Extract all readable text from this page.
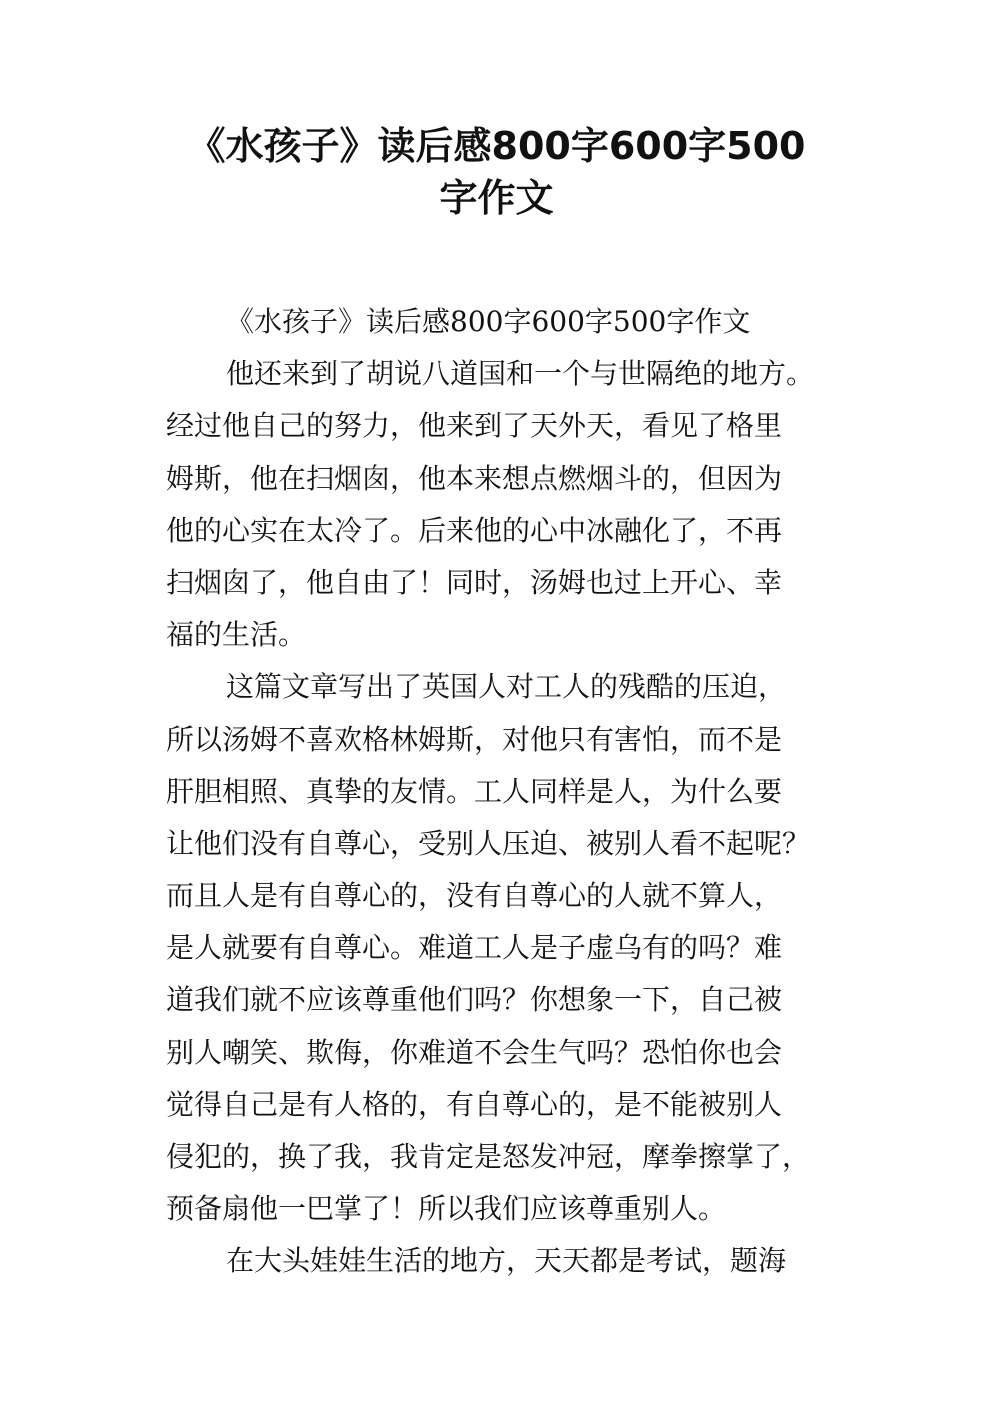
《水孩子》读后感800字600字500
字作文
《水孩子》读后感800字600字500字作文
他还来到了胡说八道国和一个与世隔绝的地方。
经过他自己的努力，他来到了天外天，看见了格里
姆斯，他在扫烟囱，他本来想点燃烟斗的，但因为
他的心实在太冷了。后来他的心中冰融化了，不再
扫烟囱了，他自由了！同时，汤姆也过上开心、幸
福的生活。
这篇文章写出了英国人对工人的残酷的压迫，
所以汤姆不喜欢格林姆斯，对他只有害怕，而不是
肝胆相照、真挚的友情。工人同样是人，为什么要
让他们没有自尊心，受别人压迫、被别人看不起呢？
而且人是有自尊心的，没有自尊心的人就不算人，
是人就要有自尊心。难道工人是子虚乌有的吗？难
道我们就不应该尊重他们吗？你想象一下，自己被
别人嘲笑、欺侮，你难道不会生气吗？恐怕你也会
觉得自己是有人格的，有自尊心的，是不能被别人
侵犯的，换了我，我肯定是怒发冲冠，摩拳擦掌了，
预备扇他一巴掌了！所以我们应该尊重别人。
在大头娃娃生活的地方，天天都是考试，题海
